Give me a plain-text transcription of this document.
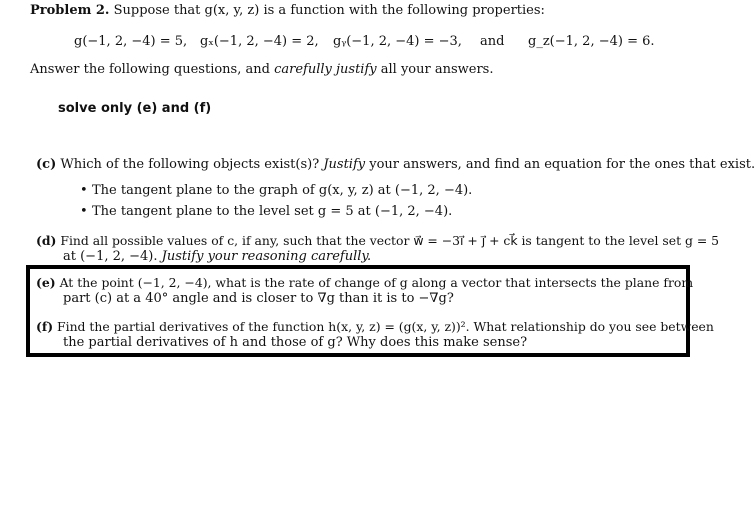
Problem 2. Suppose that g(x, y, z) is a function with the following properties:
g(−1, 2, −4) = 5, gₓ(−1, 2, −4) = 2, gᵧ(−1, 2, −4) = −3, and g_z(−1, 2, −4) = 6.
Answer the following questions, and carefully justify all your answers.
solve only (e) and (f)
(c) Which of the following objects exist(s)? Justify your answers, and find an equation for the ones that exist.
• The tangent plane to the graph of g(x, y, z) at (−1, 2, −4).
• The tangent plane to the level set g = 5 at (−1, 2, −4).
(d) Find all possible values of c, if any, such that the vector w⃗ = −3i⃗ + j⃗ + ck⃗ is tangent to the level set g = 5
at (−1, 2, −4). Justify your reasoning carefully.
(e) At the point (−1, 2, −4), what is the rate of change of g along a vector that intersects the plane from
part (c) at a 40° angle and is closer to ∇g than it is to −∇g?
(f) Find the partial derivatives of the function h(x, y, z) = (g(x, y, z))². What relationship do you see between
the partial derivatives of h and those of g? Why does this make sense?
